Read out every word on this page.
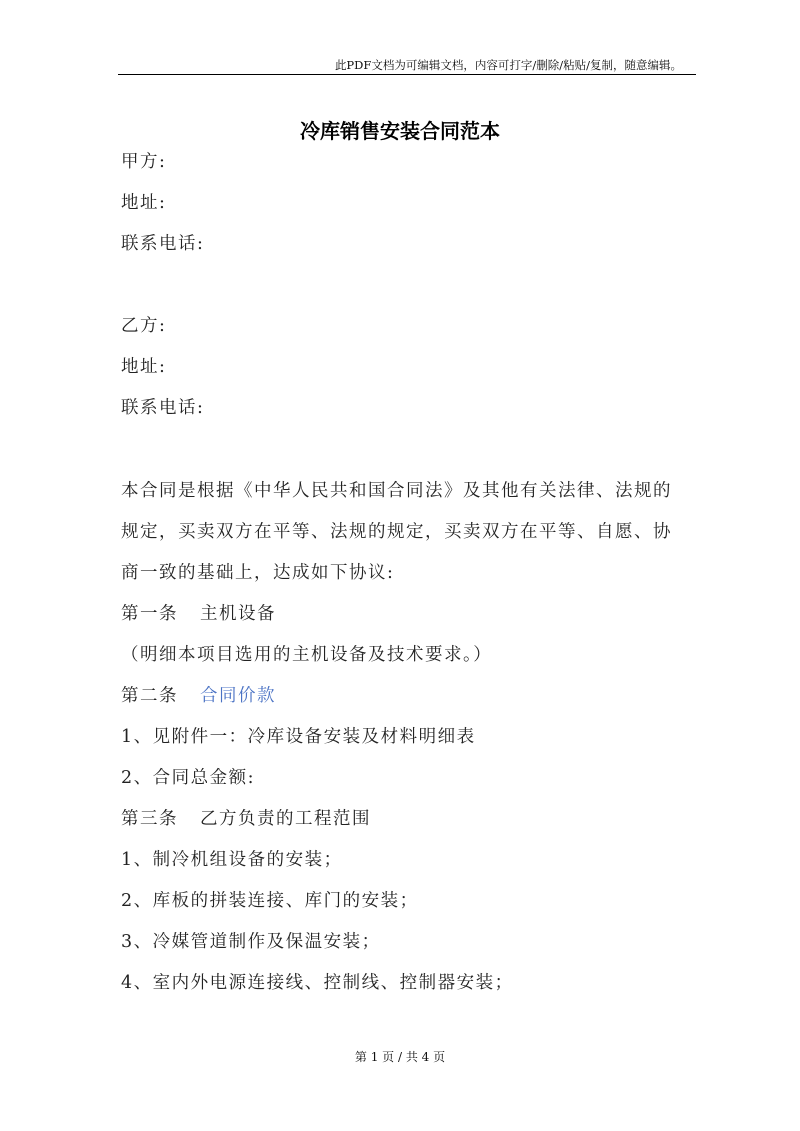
此PDF文档为可编辑文档，内容可打字/删除/粘贴/复制，随意编辑。
冷库销售安装合同范本
甲方:
地址:
联系电话:
乙方:
地址:
联系电话:
本合同是根据《中华人民共和国合同法》及其他有关法律、法规的
规定，买卖双方在平等、法规的规定，买卖双方在平等、自愿、协
商一致的基础上，达成如下协议:
第一条 主机设备
（明细本项目选用的主机设备及技术要求。）
第二条 合同价款
1、见附件一：冷库设备安装及材料明细表
2、合同总金额:
第三条 乙方负责的工程范围
1、制冷机组设备的安装；
2、库板的拼装连接、库门的安装；
3、冷媒管道制作及保温安装；
4、室内外电源连接线、控制线、控制器安装；
第 1 页 / 共 4 页
